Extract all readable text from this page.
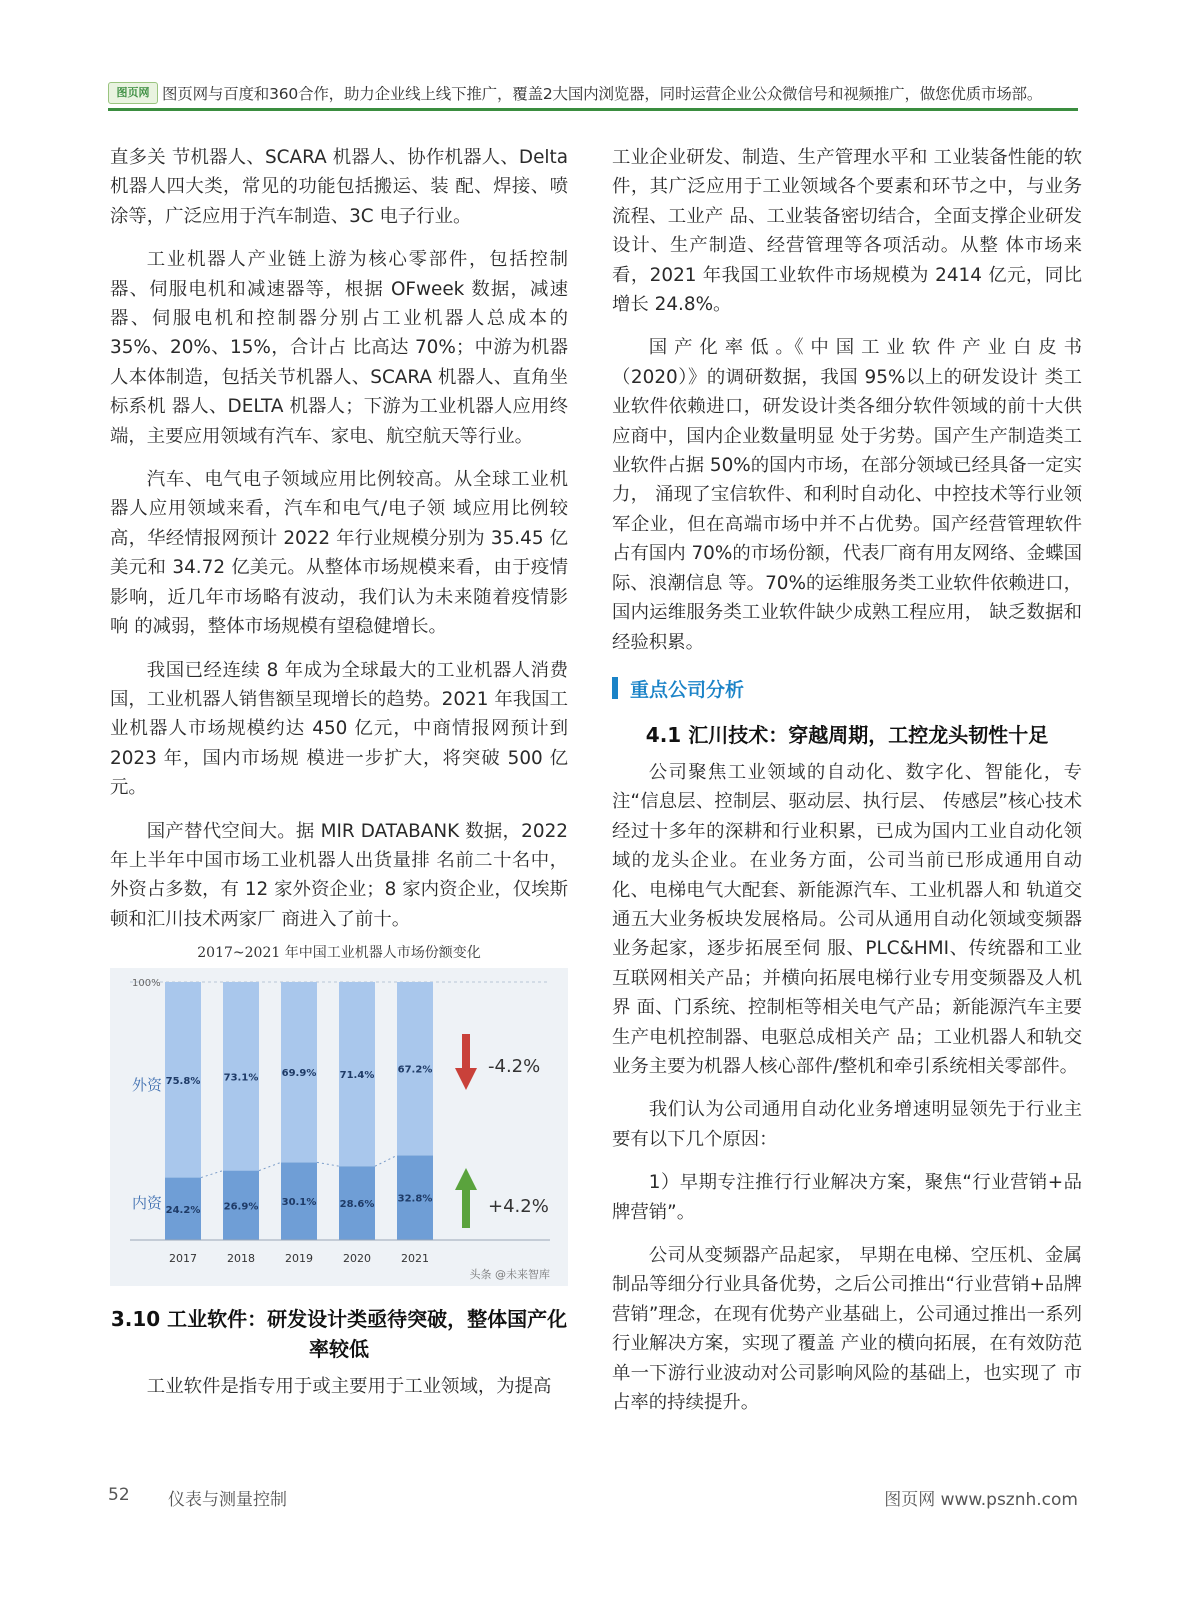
图页网 图页网与百度和360合作，助力企业线上线下推广，覆盖2大国内浏览器，同时运营企业公众微信号和视频推广，做您优质市场部。

直多关 节机器人、SCARA 机器人、协作机器人、Delta 机器人四大类，常见的功能包括搬运、装 配、焊接、喷涂等，广泛应用于汽车制造、3C 电子行业。

工业机器人产业链上游为核心零部件，包括控制器、伺服电机和减速器等，根据 OFweek 数据，减速器、伺服电机和控制器分别占工业机器人总成本的 35%、20%、15%，合计占 比高达 70%；中游为机器人本体制造，包括关节机器人、SCARA 机器人、直角坐标系机 器人、DELTA 机器人；下游为工业机器人应用终端，主要应用领域有汽车、家电、航空航天等行业。

汽车、电气电子领域应用比例较高。从全球工业机器人应用领域来看，汽车和电气/电子领 域应用比例较高，华经情报网预计 2022 年行业规模分别为 35.45 亿美元和 34.72 亿美元。从整体市场规模来看，由于疫情影响，近几年市场略有波动，我们认为未来随着疫情影响 的减弱，整体市场规模有望稳健增长。

我国已经连续 8 年成为全球最大的工业机器人消费国，工业机器人销售额呈现增长的趋势。2021 年我国工业机器人市场规模约达 450 亿元，中商情报网预计到 2023 年，国内市场规 模进一步扩大，将突破 500 亿元。

国产替代空间大。据 MIR DATABANK 数据，2022 年上半年中国市场工业机器人出货量排 名前二十名中，外资占多数，有 12 家外资企业；8 家内资企业，仅埃斯顿和汇川技术两家厂 商进入了前十。

2017~2021 年中国工业机器人市场份额变化
100%
外资
内资 24.2%
75.8%
2017
26.9%
73.1%
2018
30.1%
69.9%
2019
28.6%
71.4%
2020
32.8%
67.2%
2021
-4.2%
+4.2%
头条 @未来智库
3.10 工业软件：研发设计类亟待突破，整体国产化率较低

工业软件是指专用于或主要用于工业领域，为提高

工业企业研发、制造、生产管理水平和 工业装备性能的软件，其广泛应用于工业领域各个要素和环节之中，与业务流程、工业产 品、工业装备密切结合，全面支撑企业研发设计、生产制造、经营管理等各项活动。从整 体市场来看，2021 年我国工业软件市场规模为 2414 亿元，同比增长 24.8%。

国 产 化 率 低 。《 中 国 工 业 软 件 产 业 白 皮 书（2020）》的调研数据，我国 95%以上的研发设计 类工业软件依赖进口，研发设计类各细分软件领域的前十大供应商中，国内企业数量明显 处于劣势。国产生产制造类工业软件占据 50%的国内市场，在部分领域已经具备一定实力， 涌现了宝信软件、和利时自动化、中控技术等行业领军企业，但在高端市场中并不占优势。国产经营管理软件占有国内 70%的市场份额，代表厂商有用友网络、金蝶国际、浪潮信息 等。70%的运维服务类工业软件依赖进口，国内运维服务类工业软件缺少成熟工程应用， 缺乏数据和经验积累。

重点公司分析
4.1 汇川技术：穿越周期，工控龙头韧性十足

公司聚焦工业领域的自动化、数字化、智能化，专注“信息层、控制层、驱动层、执行层、 传感层”核心技术经过十多年的深耕和行业积累，已成为国内工业自动化领域的龙头企业。在业务方面，公司当前已形成通用自动化、电梯电气大配套、新能源汽车、工业机器人和 轨道交通五大业务板块发展格局。公司从通用自动化领域变频器业务起家，逐步拓展至伺 服、PLC&HMI、传统器和工业互联网相关产品；并横向拓展电梯行业专用变频器及人机界 面、门系统、控制柜等相关电气产品；新能源汽车主要生产电机控制器、电驱总成相关产 品；工业机器人和轨交业务主要为机器人核心部件/整机和牵引系统相关零部件。

我们认为公司通用自动化业务增速明显领先于行业主要有以下几个原因：

1）早期专注推行行业解决方案，聚焦“行业营销+品牌营销”。

公司从变频器产品起家， 早期在电梯、空压机、金属制品等细分行业具备优势，之后公司推出“行业营销+品牌 营销”理念，在现有优势产业基础上，公司通过推出一系列行业解决方案，实现了覆盖 产业的横向拓展，在有效防范单一下游行业波动对公司影响风险的基础上，也实现了 市占率的持续提升。

52 仪表与测量控制	图页网 www.psznh.com
